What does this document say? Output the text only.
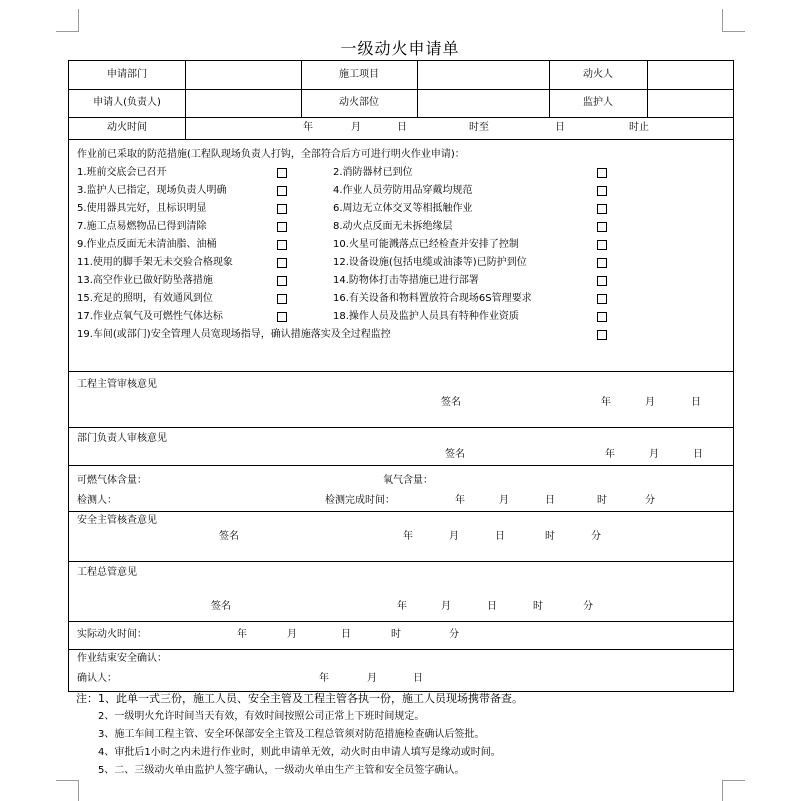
一级动火申请单
申请部门	施工项目	动火人
申请人(负责人)	动火部位	监护人
动火时间	年	月	日	时至	日	时止
作业前已采取的防范措施(工程队现场负责人打钩，全部符合后方可进行明火作业申请)：
1.班前交底会已召开	2.消防器材已到位
3.监护人已指定，现场负责人明确	4.作业人员劳防用品穿戴均规范
5.使用器具完好，且标识明显	6.周边无立体交叉等相抵触作业
7.施工点易燃物品已得到清除	8.动火点反面无未拆绝缘层
9.作业点反面无未清油脂、油桶	10.火星可能溅落点已经检查并安排了控制
11.使用的脚手架无未交验合格现象	12.设备设施(包括电缆或油漆等)已防护到位
13.高空作业已做好防坠落措施	14.防物体打击等措施已进行部署
15.充足的照明，有效通风到位	16.有关设备和物料置放符合现场6S管理要求
17.作业点氧气及可燃性气体达标	18.操作人员及监护人员具有特种作业资质
19.车间(或部门)安全管理人员宽现场指导，确认措施落实及全过程监控
工程主管审核意见
签名	年	月	日
部门负责人审核意见
签名	年	月	日
可燃气体含量：	氧气含量：
检测人：	检测完成时间：	年	月	日	时	分
安全主管核查意见
签名	年	月	日	时	分
工程总管意见
签名	年	月	日	时	分
实际动火时间：	年	月	日	时	分
作业结束安全确认：
确认人：	年	月	日
注：1、此单一式三份，施工人员、安全主管及工程主管各执一份，施工人员现场携带备查。
2、一级明火允许时间当天有效，有效时间按照公司正常上下班时间规定。
3、施工车间工程主管、安全环保部安全主管及工程总管须对防范措施检查确认后签批。
4、审批后1小时之内未进行作业时，则此申请单无效，动火时由申请人填写是缘动或时间。
5、二、三级动火单由监护人签字确认，一级动火单由生产主管和安全员签字确认。
